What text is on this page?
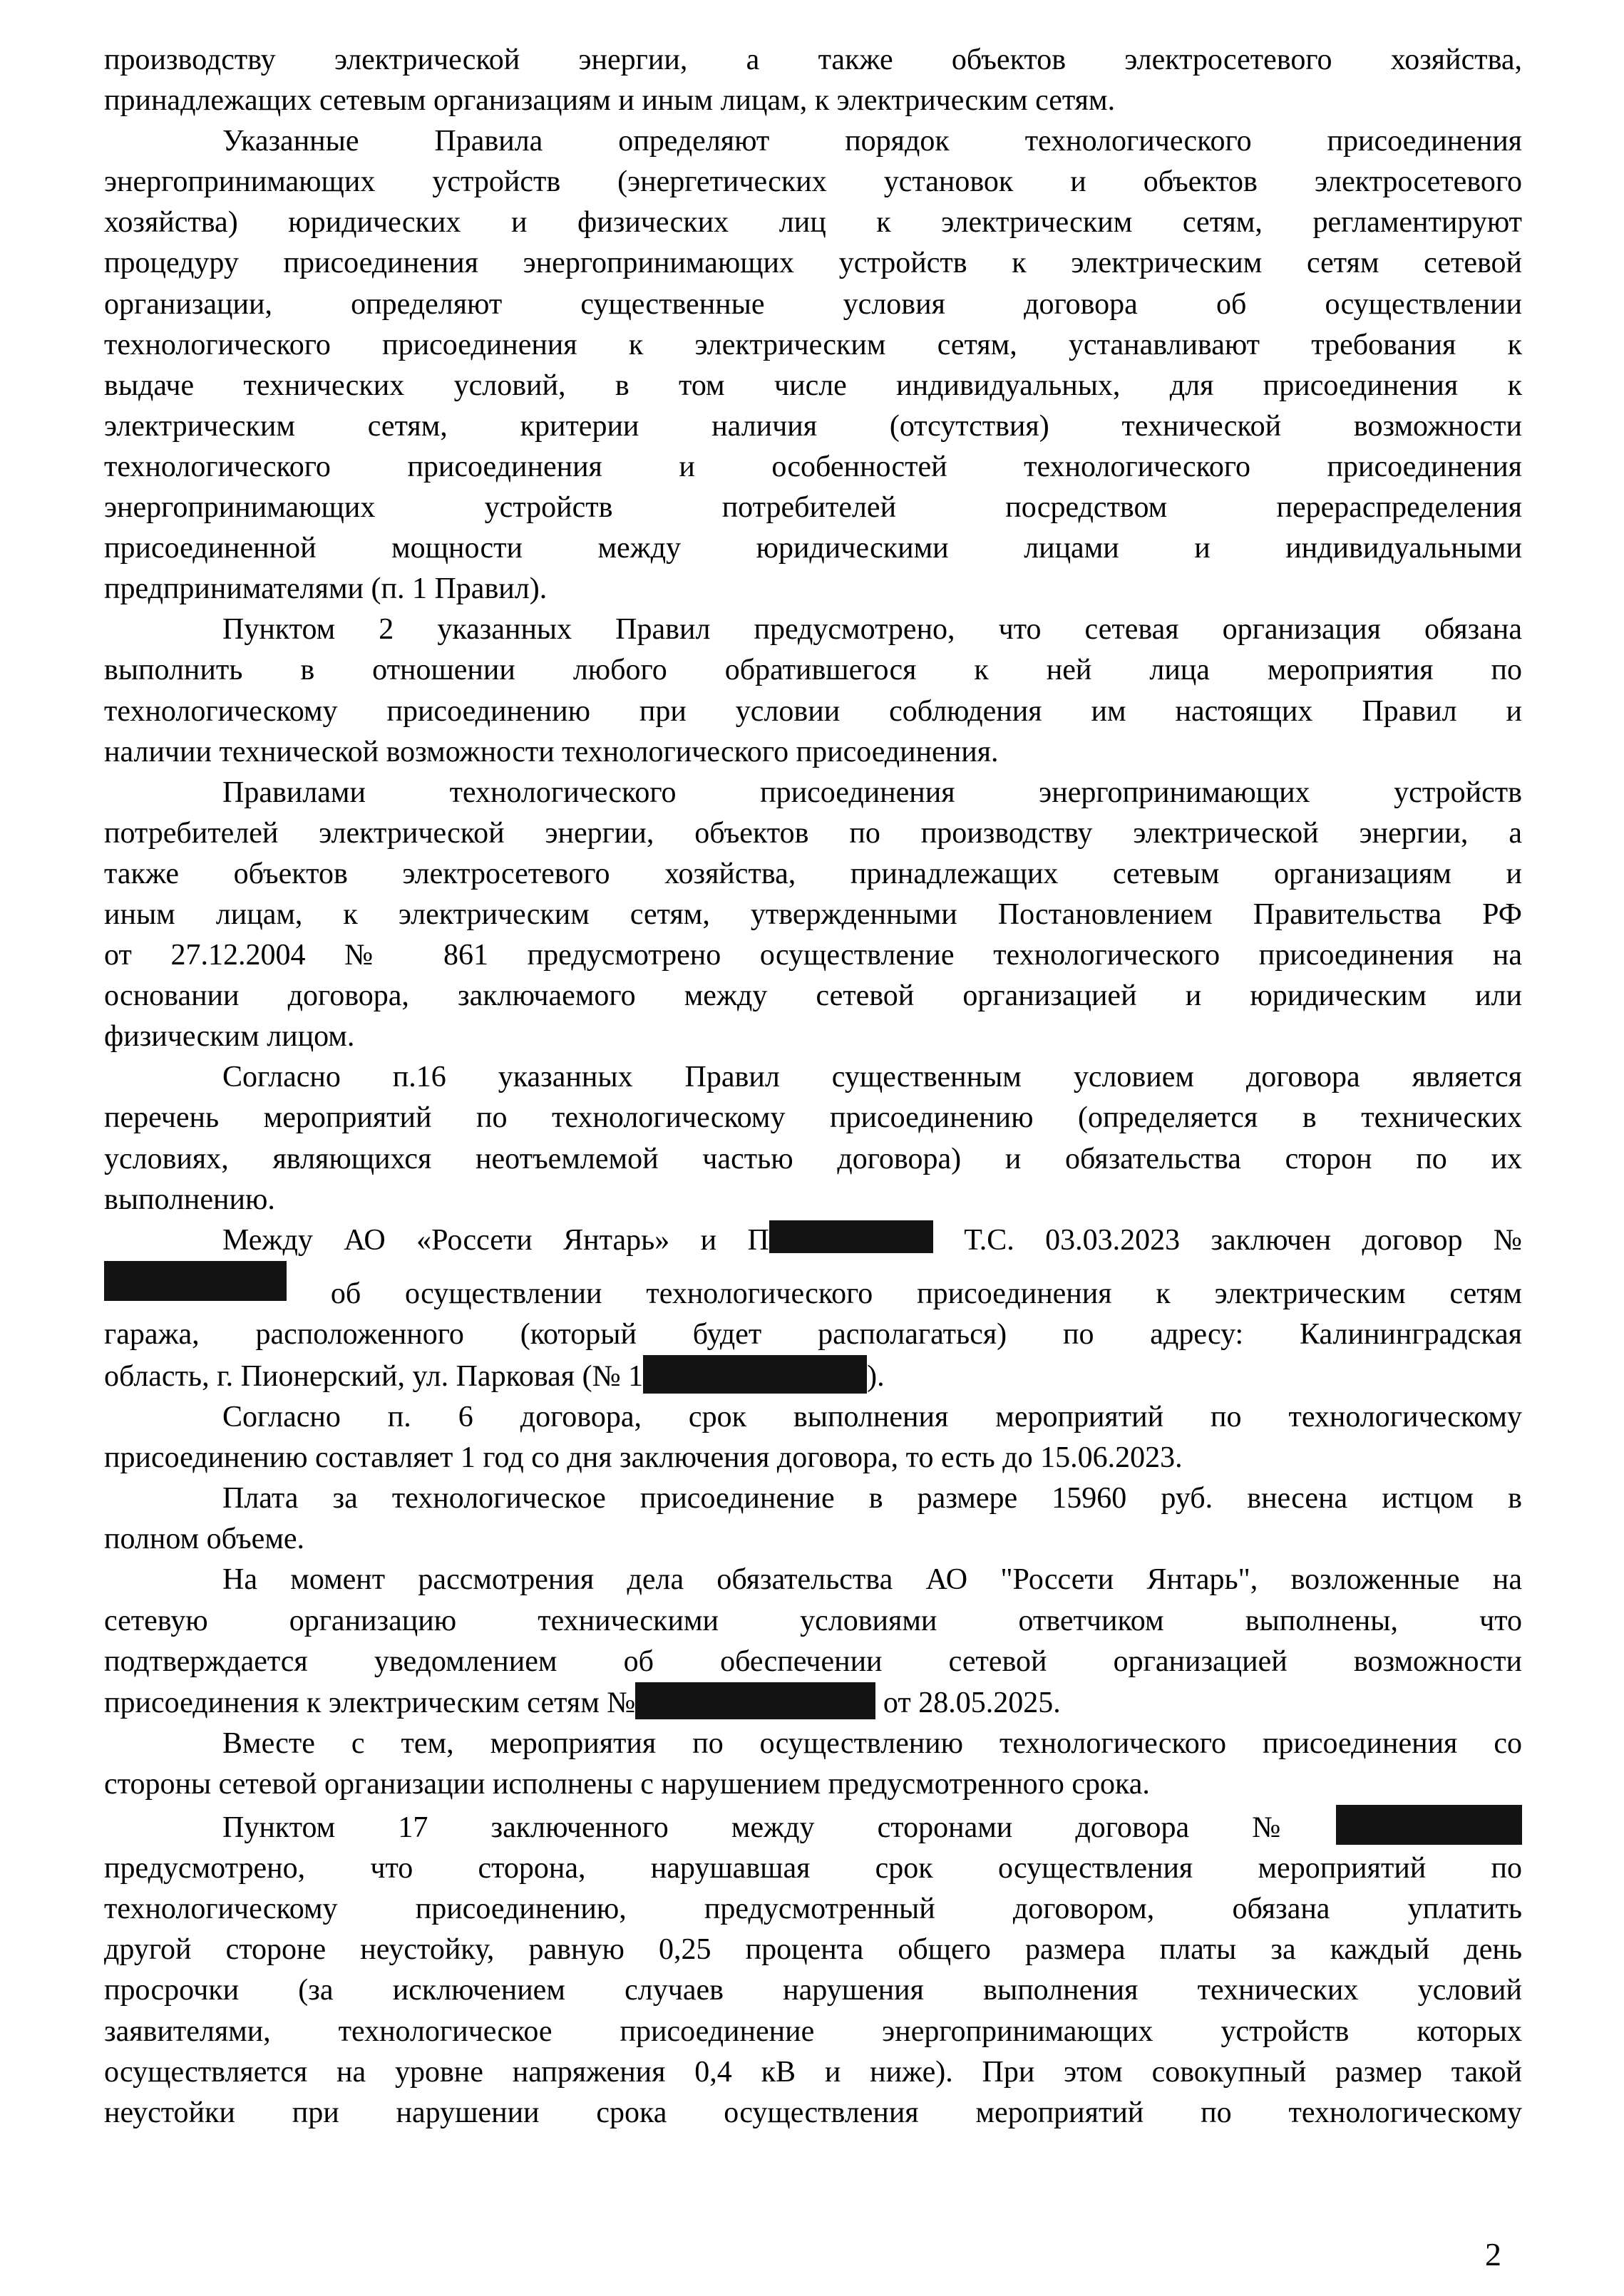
производству электрической энергии, а также объектов электросетевого хозяйства,
принадлежащих сетевым организациям и иным лицам, к электрическим сетям.
Указанные Правила определяют порядок технологического присоединения
энергопринимающих устройств (энергетических установок и объектов электросетевого
хозяйства) юридических и физических лиц к электрическим сетям, регламентируют
процедуру присоединения энергопринимающих устройств к электрическим сетям сетевой
организации, определяют существенные условия договора об осуществлении
технологического присоединения к электрическим сетям, устанавливают требования к
выдаче технических условий, в том числе индивидуальных, для присоединения к
электрическим сетям, критерии наличия (отсутствия) технической возможности
технологического присоединения и особенностей технологического присоединения
энергопринимающих устройств потребителей посредством перераспределения
присоединенной мощности между юридическими лицами и индивидуальными
предпринимателями (п. 1 Правил).
Пунктом 2 указанных Правил предусмотрено, что сетевая организация обязана
выполнить в отношении любого обратившегося к ней лица мероприятия по
технологическому присоединению при условии соблюдения им настоящих Правил и
наличии технической возможности технологического присоединения.
Правилами технологического присоединения энергопринимающих устройств
потребителей электрической энергии, объектов по производству электрической энергии, а
также объектов электросетевого хозяйства, принадлежащих сетевым организациям и
иным лицам, к электрическим сетям, утвержденными Постановлением Правительства РФ
от 27.12.2004 № 861 предусмотрено осуществление технологического присоединения на
основании договора, заключаемого между сетевой организацией и юридическим или
физическим лицом.
Согласно п.16 указанных Правил существенным условием договора является
перечень мероприятий по технологическому присоединению (определяется в технических
условиях, являющихся неотъемлемой частью договора) и обязательства сторон по их
выполнению.
Между АО «Россети Янтарь» и П	Т.С. 03.03.2023 заключен договор №
об осуществлении технологического присоединения к электрическим сетям
гаража, расположенного (который будет располагаться) по адресу: Калининградская
область, г. Пионерский, ул. Парковая (№ 1	).
Согласно п. 6 договора, срок выполнения мероприятий по технологическому
присоединению составляет 1 год со дня заключения договора, то есть до 15.06.2023.
Плата за технологическое присоединение в размере 15960 руб. внесена истцом в
полном объеме.
На момент рассмотрения дела обязательства АО "Россети Янтарь", возложенные на
сетевую организацию техническими условиями ответчиком выполнены, что
подтверждается уведомлением об обеспечении сетевой организацией возможности
присоединения к электрическим сетям №	от 28.05.2025.
Вместе с тем, мероприятия по осуществлению технологического присоединения со
стороны сетевой организации исполнены с нарушением предусмотренного срока.
Пунктом 17 заключенного между сторонами договора №
предусмотрено, что сторона, нарушавшая срок осуществления мероприятий по
технологическому присоединению, предусмотренный договором, обязана уплатить
другой стороне неустойку, равную 0,25 процента общего размера платы за каждый день
просрочки (за исключением случаев нарушения выполнения технических условий
заявителями, технологическое присоединение энергопринимающих устройств которых
осуществляется на уровне напряжения 0,4 кВ и ниже). При этом совокупный размер такой
неустойки при нарушении срока осуществления мероприятий по технологическому
2
